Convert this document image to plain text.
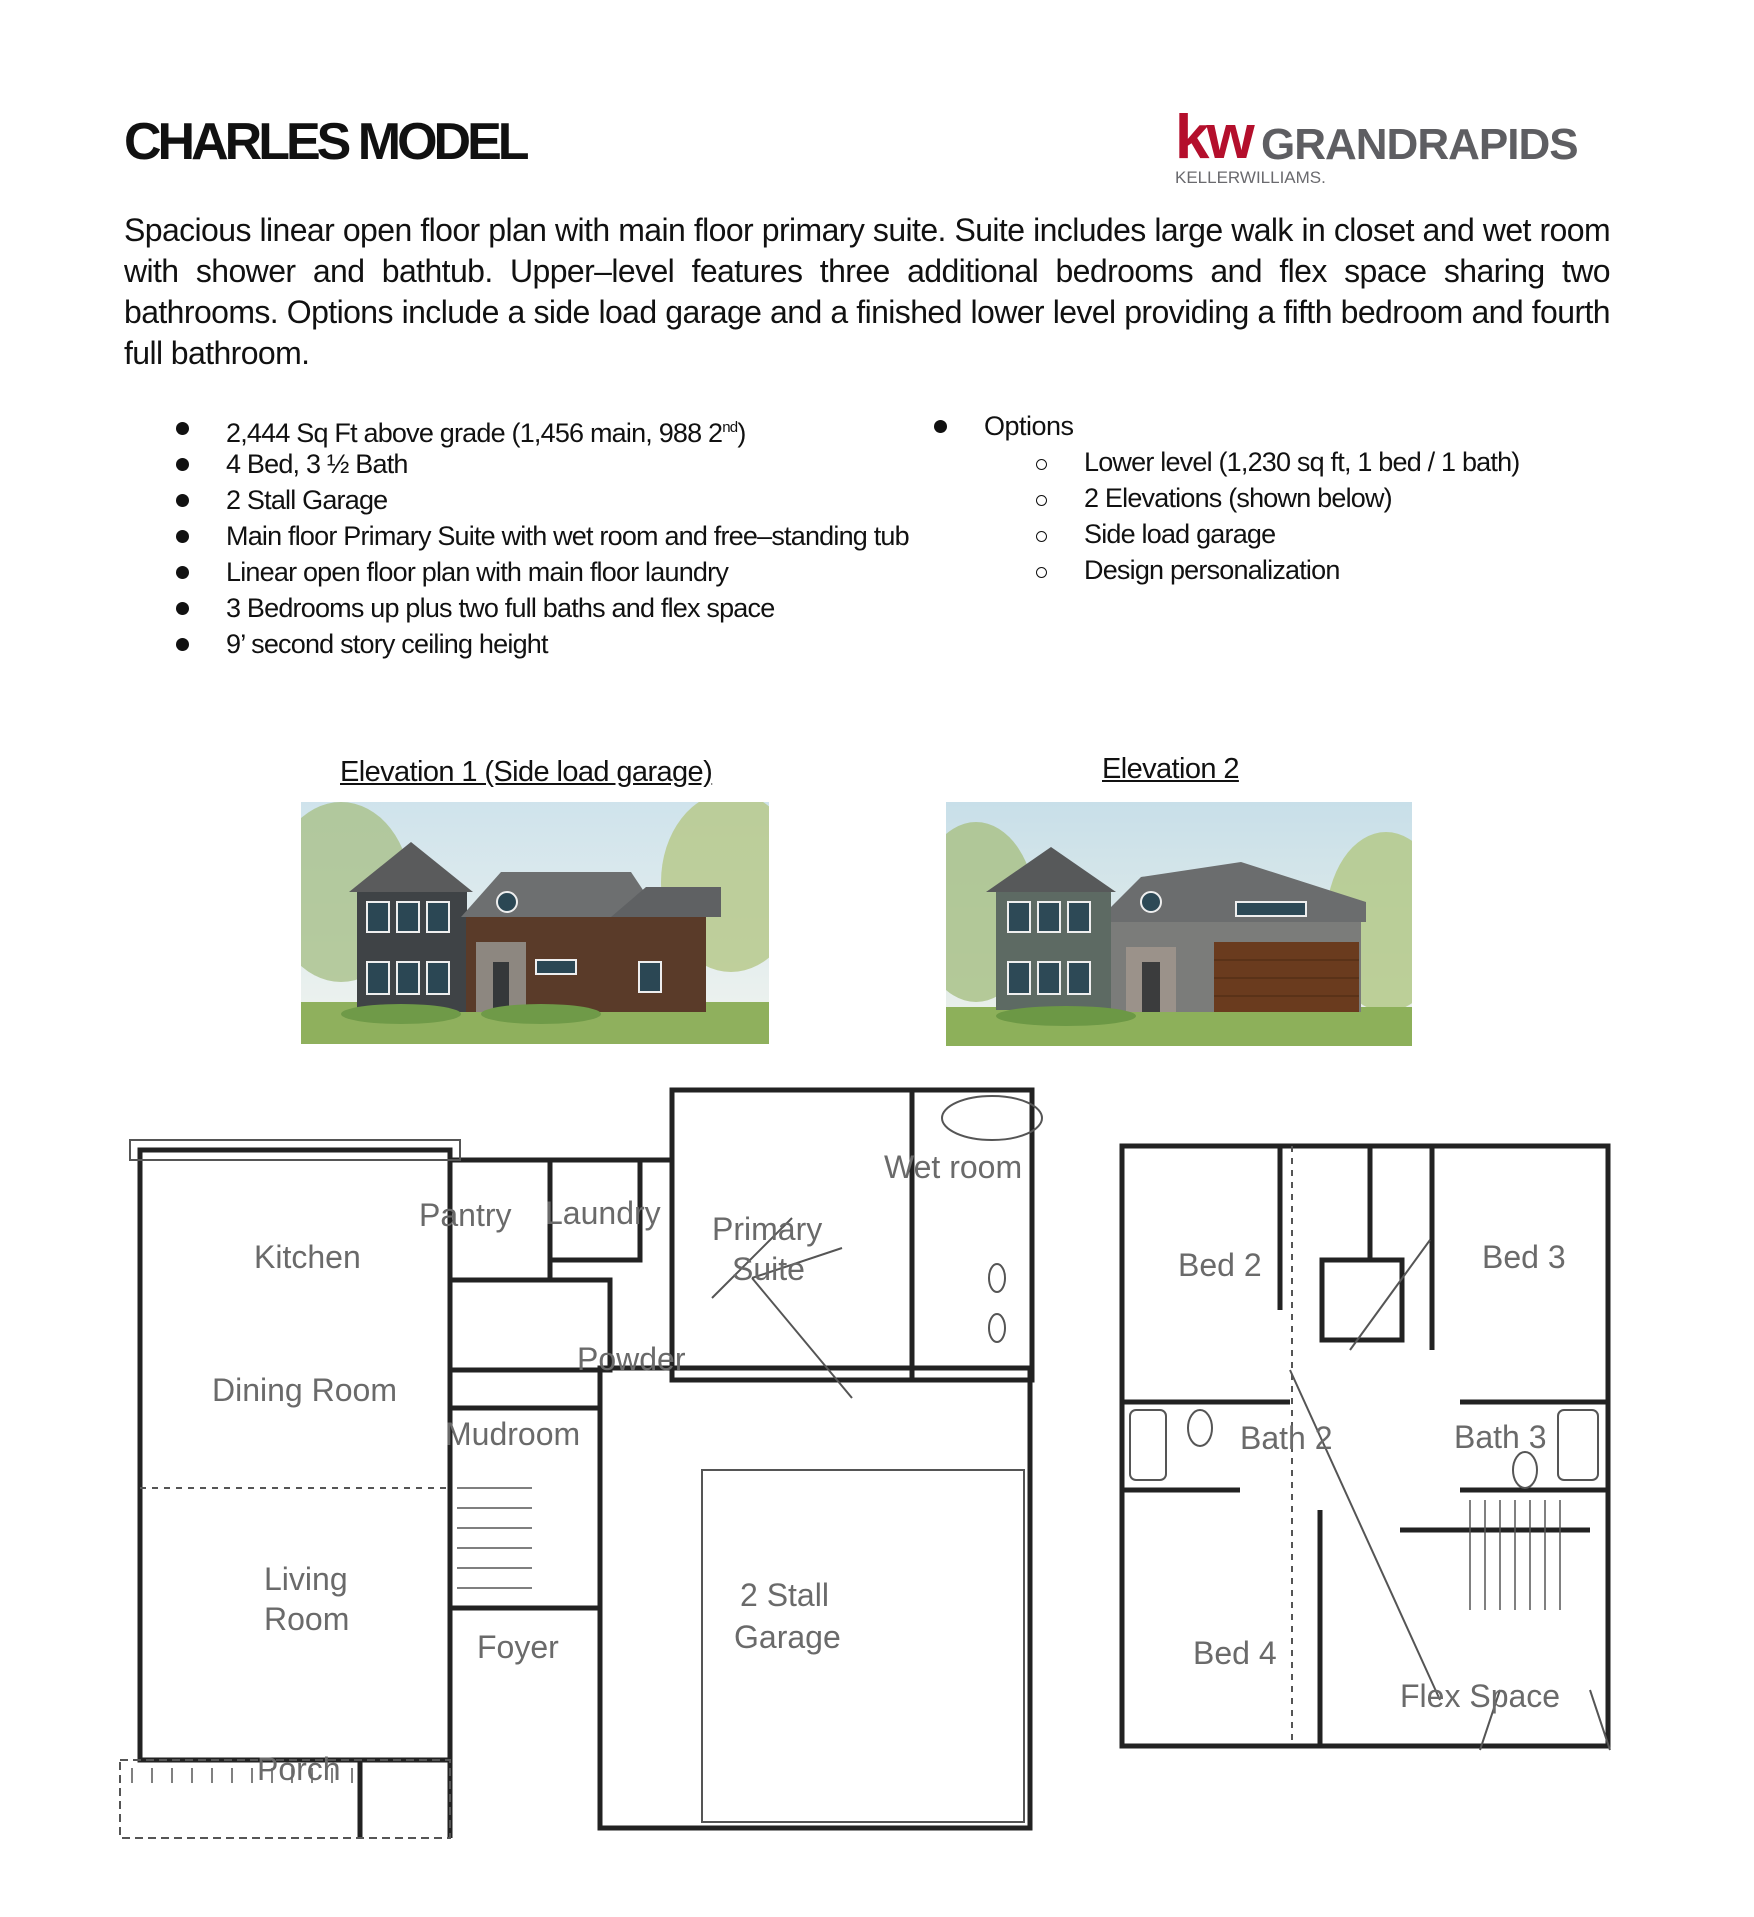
CHARLES MODEL	kw GRANDRAPIDS
KELLERWILLIAMS.
Spacious linear open floor plan with main floor primary suite. Suite includes large walk in closet and wet room with shower and bathtub. Upper–level features three additional bedrooms and flex space sharing two bathrooms. Options include a side load garage and a finished lower level providing a fifth bedroom and fourth full bathroom.
2,444 Sq Ft above grade (1,456 main, 988 2nd)
4 Bed, 3 ½ Bath
2 Stall Garage
Main floor Primary Suite with wet room and free–standing tub
Linear open floor plan with main floor laundry
3 Bedrooms up plus two full baths and flex space
9’ second story ceiling height
Options
Lower level (1,230 sq ft, 1 bed / 1 bath)
2 Elevations (shown below)
Side load garage
Design personalization
Elevation 1 (Side load garage)	Elevation 2
Kitchen
Pantry Laundry Primary
Suite
Wet room
Powder
Dining Room
Mudroom
Living
Room
Foyer
2 Stall
Garage
Porch
Bed 2	Bed 3
Bath 2	Bath 3
Bed 4
Flex Space
